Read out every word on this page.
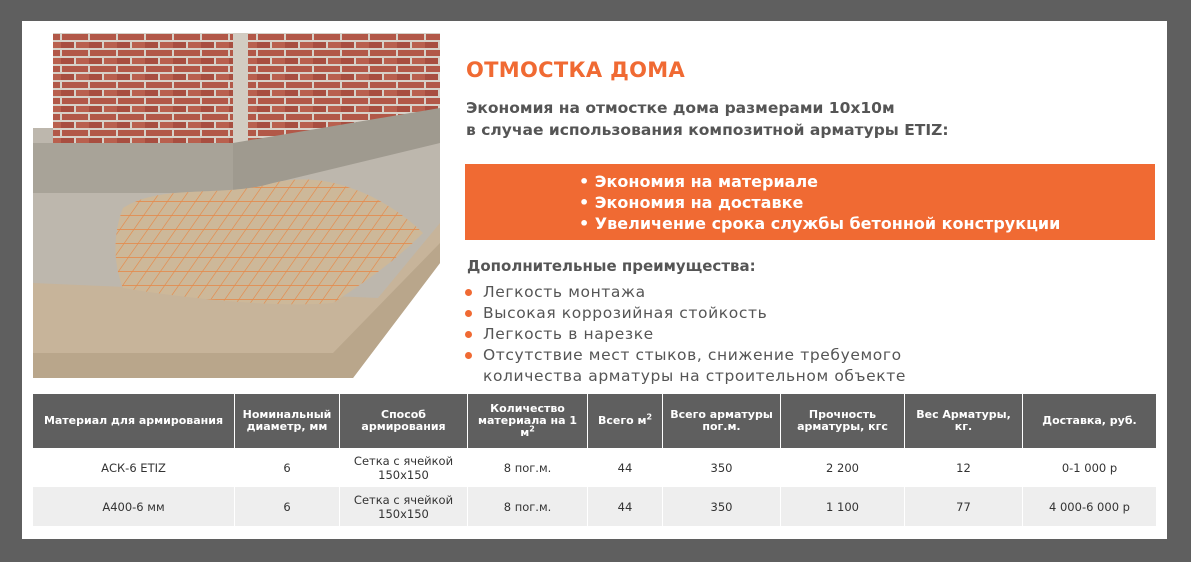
ОТМОСТКА ДОМА
Экономия на отмостке дома размерами 10х10м
в случае использования композитной арматуры ETIZ:
• Экономия на материале
• Экономия на доставке
• Увеличение срока службы бетонной конструкции
Дополнительные преимущества:
Легкость монтажа
Высокая коррозийная стойкость
Легкость в нарезке
Отсутствие мест стыков, снижение требуемого
количества арматуры на строительном объекте
Материал для армирования	Номинальный диаметр, мм	Способ армирования	Количество материала на 1 $м^2$	Всего $м^2$	Всего арматуры пог.м.	Прочность арматуры, кгс	Вес Арматуры, кг.	Доставка, руб.
АСК-6 ETIZ	6	Сетка с ячейкой 150х150	8 пог.м.	44	350	2 200	12	0-1 000 р
А400-6 мм	6	Сетка с ячейкой 150х150	8 пог.м.	44	350	1 100	77	4 000-6 000 р
